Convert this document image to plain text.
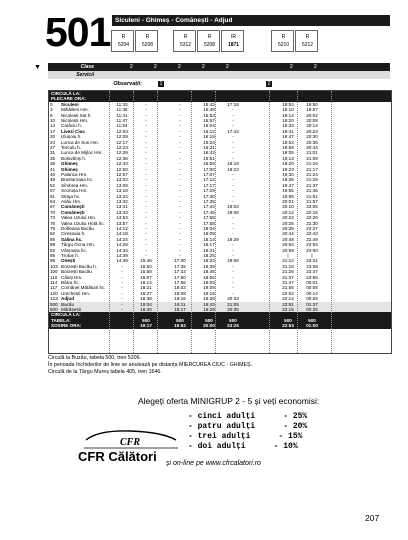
501 Siculeni - Ghimeș - Comănești - Adjud
R
5204
R
5208
R
5312
R
5208
IR
1871
R
5210
R
5212
▼	Clase	2	2	2	2	2	2	2
Servicii
Observații:	1	2
CIRCULĂ LA:
PLECARE ORA:
0	Siculeni	11:33	-	-	15:43	17:16	18:53	19:50
3	Mihăileni Hm.	11:36	-	-	15:49	-	18:10	19:57
6	Nicolești Sat h.	11:41	-	-	15:53	-	18:14	20:02
10	Nicolești Hm.	11:47	-	-	15:57	-	18:20	20:08
14	Carâciu h.	11:54	-	-	16:04	-	18:33	20:14
17	Livezi Ciuc	12:03	-	-	16:12	17:43	18:41	20:23
20	Ulușoiu h.	12:09	-	-	16:18	-	18:47	20:30
24	Lunca de Sus Hm.	12:17	-	-	16:24	-	18:53	20:36
27	Terculu h.	12:23	-	-	16:31	-	18:59	20:44
31	Lunca de Mijloc Hm.	12:29	-	-	16:43	-	19:05	21:01
35	Bolovăniș h.	12:36	-	-	16:51	-	19:13	21:09
38	Ghimeș	12:43	-	-	16:59	18:18	19:20	21:16
41	Ghimeș	12:50	-	-	17:00	18:23	19:23	21:17
46	Palanca Hm.	12:57	-	-	17:07	-	19:30	21:24
49	Brusturoasa hc.	13:02	-	-	17:12	-	19:36	21:29
52	Sîmbrea Hm.	13:09	-	-	17:17	-	19:47	21:37
57	Scorușa Hm.	13:18	-	-	17:29	-	19:55	21:46
61	Straja hc.	13:24	-	-	17:30	-	19:55	21:51
64	Asău Hm.	13:32	-	-	17:35	-	20:01	21:57
67	Comănești	13:41	-	-	17:44	19:04	20:10	22:06
70	Comănești	13:43	-	-	17:45	19:06	20:12	22:15
73	Valea Uzului Hm.	13:53	-	-	17:55	-	20:22	22:26
76	Valea Uzului Hotă hc.	13:57	-	-	17:58	-	20:25	22:30
79	Dofteana Bacău	14:12	-	-	18:04	-	20:38	22:37
82	Cireșoaia h.	14:18	-	-	18:09	-	20:44	22:43
86	Salina hc.	14:24	-	-	18:14	19:29	20:48	22:49
89	Târgu Ocna Hm.	14:28	-	-	18:17	-	20:54	22:53
92	Vârșoara hc.	14:34	-	-	18:21	-	20:59	23:00
95	Trotuș h.	14:39	-	-	18:25	-	|	|
98	Onești	14:49	15:45	17:30	18:33	19:56	21:12	23:31
103 Borzești Bacău h.	-	15:50	17:35	18:39	-	21:18	23:38
106 Borzești Bacău	-	15:58	17:42	18:46	-	21:28	23:47
110 Căiuți Hm.	-	16:07	17:50	18:56	-	21:37	23:55
114 Bâlca hc.	-	16:14	17:56	19:03	-	21:47	00:01
117 Comănel Mătăsari hc.	-	16:21	18:02	19:09	-	21:56	00:08
120 Urechești Hm.	-	16:27	18:08	19:16	-	22:02	00:14
123 Adjud	-	16:38	18:16	19:28	20:33	22:14	00:25
500 Bacău	-	19:04	16:11	19:43	21:05	23:51	01:37
500 Mărășești	-	16:40	18:17	19:29	20:35	22:15	00:26
CIRCULĂ LA:
TABELA:	500	500	500	500	500	500
SOSIRE ORA:	19:17	19:52	20:00	23:25	22:53	01:00
Circulă la Buzău, tabela 500, tren 5206.
În perioada închiderilor de linie se anulează pe distanța MIERCUREA CIUC - GHIMEȘ.
Circulă de la Târgu Mureș tabela 405, tren 1646.
Alegeți oferta MINIGRUP 2 - 5 și veți economisi:
- cinci adulți	- 25%
- patru adulți	- 20%
- trei adulți	- 15%
- doi adulți	- 10%
CFR
CFR Călători și on-line pe www.cfrcalatori.ro
207
